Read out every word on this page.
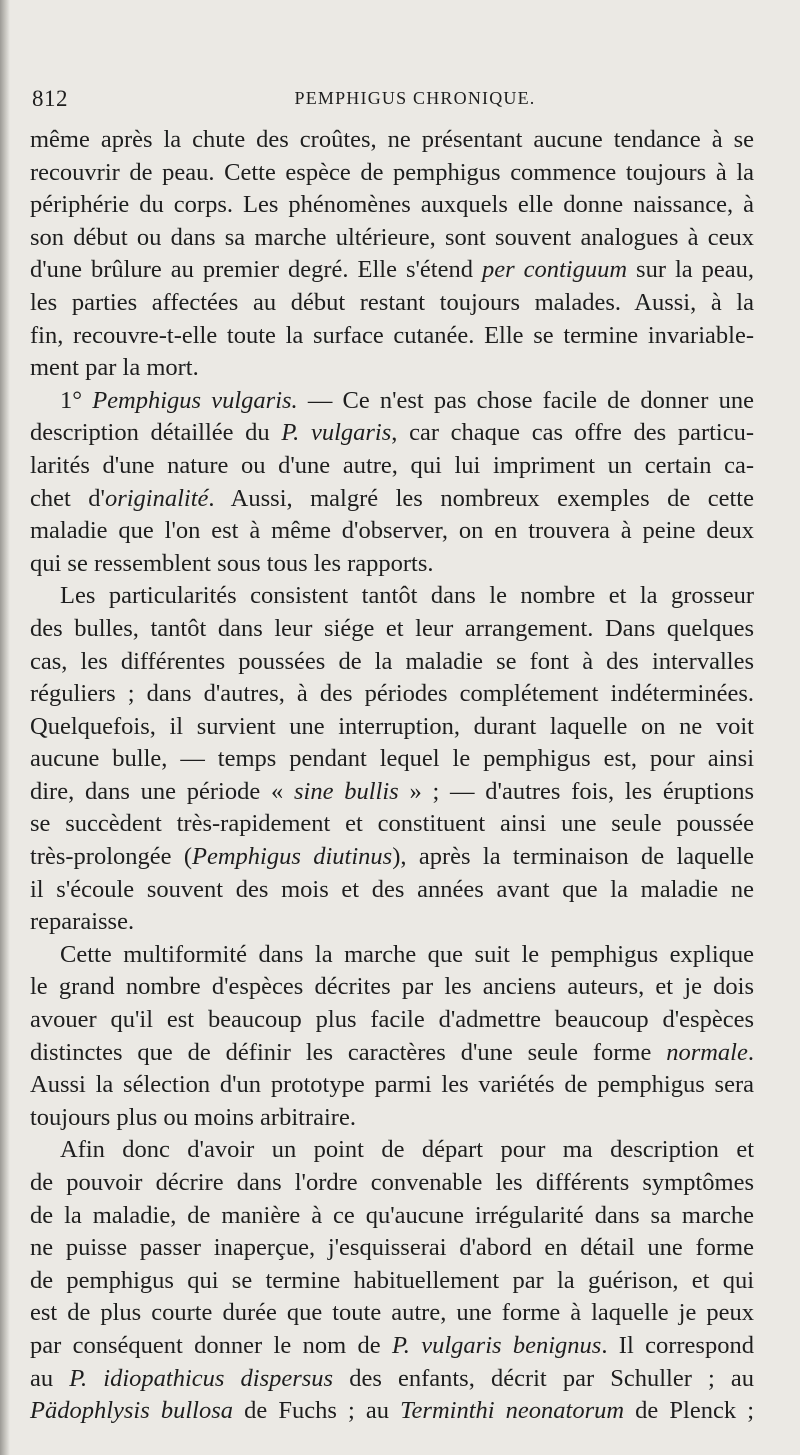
812	PEMPHIGUS CHRONIQUE.
même après la chute des croûtes, ne présentant aucune tendance à se
recouvrir de peau. Cette espèce de pemphigus commence toujours à la
périphérie du corps. Les phénomènes auxquels elle donne naissance, à
son début ou dans sa marche ultérieure, sont souvent analogues à ceux
d'une brûlure au premier degré. Elle s'étend per contiguum sur la peau,
les parties affectées au début restant toujours malades. Aussi, à la
fin, recouvre-t-elle toute la surface cutanée. Elle se termine invariable-
ment par la mort.
1° Pemphigus vulgaris. — Ce n'est pas chose facile de donner une
description détaillée du P. vulgaris, car chaque cas offre des particu-
larités d'une nature ou d'une autre, qui lui impriment un certain ca-
chet d'originalité. Aussi, malgré les nombreux exemples de cette
maladie que l'on est à même d'observer, on en trouvera à peine deux
qui se ressemblent sous tous les rapports.
Les particularités consistent tantôt dans le nombre et la grosseur
des bulles, tantôt dans leur siége et leur arrangement. Dans quelques
cas, les différentes poussées de la maladie se font à des intervalles
réguliers ; dans d'autres, à des périodes complétement indéterminées.
Quelquefois, il survient une interruption, durant laquelle on ne voit
aucune bulle, — temps pendant lequel le pemphigus est, pour ainsi
dire, dans une période « sine bullis » ; — d'autres fois, les éruptions
se succèdent très-rapidement et constituent ainsi une seule poussée
très-prolongée (Pemphigus diutinus), après la terminaison de laquelle
il s'écoule souvent des mois et des années avant que la maladie ne
reparaisse.
Cette multiformité dans la marche que suit le pemphigus explique
le grand nombre d'espèces décrites par les anciens auteurs, et je dois
avouer qu'il est beaucoup plus facile d'admettre beaucoup d'espèces
distinctes que de définir les caractères d'une seule forme normale.
Aussi la sélection d'un prototype parmi les variétés de pemphigus sera
toujours plus ou moins arbitraire.
Afin donc d'avoir un point de départ pour ma description et
de pouvoir décrire dans l'ordre convenable les différents symptômes
de la maladie, de manière à ce qu'aucune irrégularité dans sa marche
ne puisse passer inaperçue, j'esquisserai d'abord en détail une forme
de pemphigus qui se termine habituellement par la guérison, et qui
est de plus courte durée que toute autre, une forme à laquelle je peux
par conséquent donner le nom de P. vulgaris benignus. Il correspond
au P. idiopathicus dispersus des enfants, décrit par Schuller ; au
Pädophlysis bullosa de Fuchs ; au Terminthi neonatorum de Plenck ;
